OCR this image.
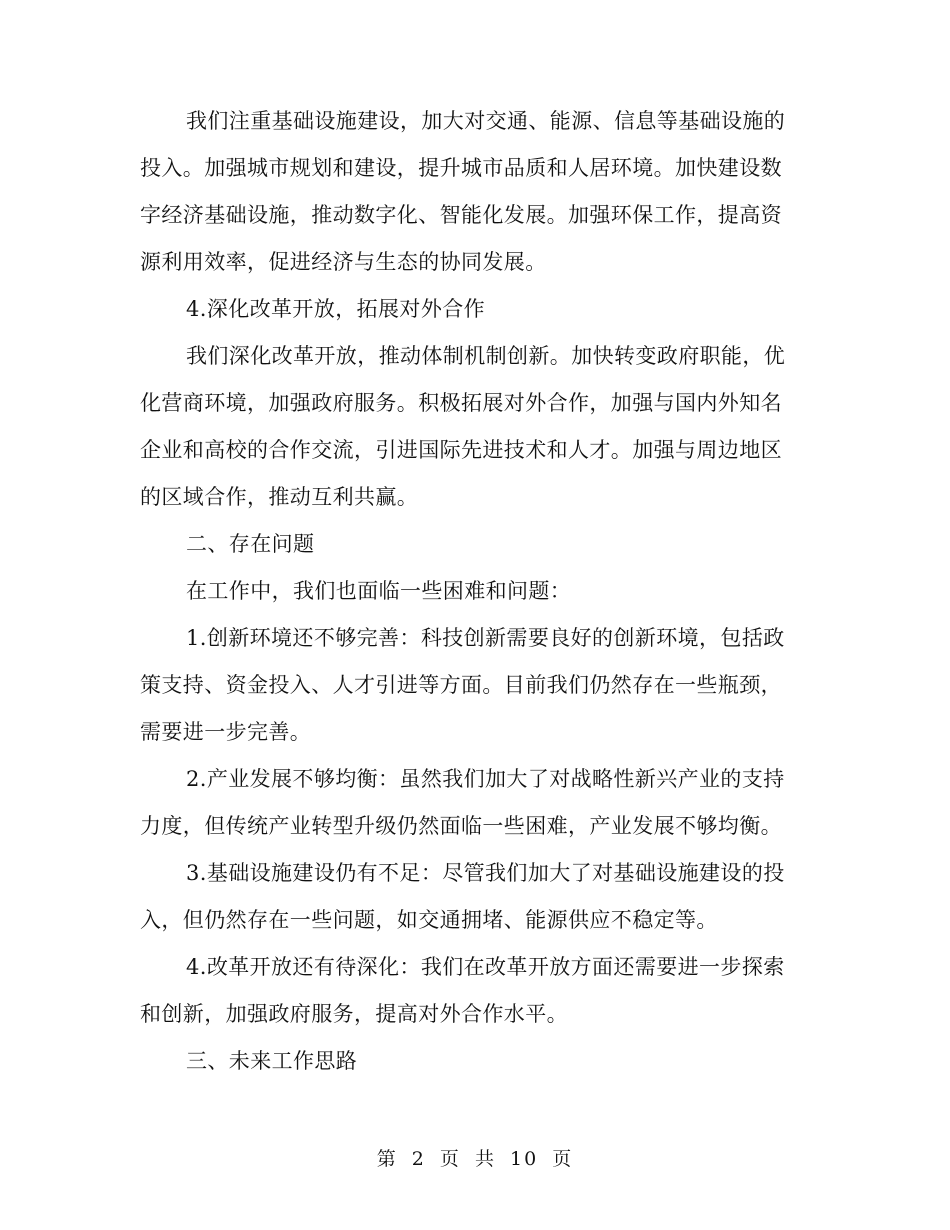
我们注重基础设施建设，加大对交通、能源、信息等基础设施的投入。加强城市规划和建设，提升城市品质和人居环境。加快建设数字经济基础设施，推动数字化、智能化发展。加强环保工作，提高资源利用效率，促进经济与生态的协同发展。

4.深化改革开放，拓展对外合作

我们深化改革开放，推动体制机制创新。加快转变政府职能，优化营商环境，加强政府服务。积极拓展对外合作，加强与国内外知名企业和高校的合作交流，引进国际先进技术和人才。加强与周边地区的区域合作，推动互利共赢。

二、存在问题

在工作中，我们也面临一些困难和问题：

1.创新环境还不够完善：科技创新需要良好的创新环境，包括政策支持、资金投入、人才引进等方面。目前我们仍然存在一些瓶颈，需要进一步完善。

2.产业发展不够均衡：虽然我们加大了对战略性新兴产业的支持力度，但传统产业转型升级仍然面临一些困难，产业发展不够均衡。

3.基础设施建设仍有不足：尽管我们加大了对基础设施建设的投入，但仍然存在一些问题，如交通拥堵、能源供应不稳定等。

4.改革开放还有待深化：我们在改革开放方面还需要进一步探索和创新，加强政府服务，提高对外合作水平。

三、未来工作思路

第 2 页 共 10 页
